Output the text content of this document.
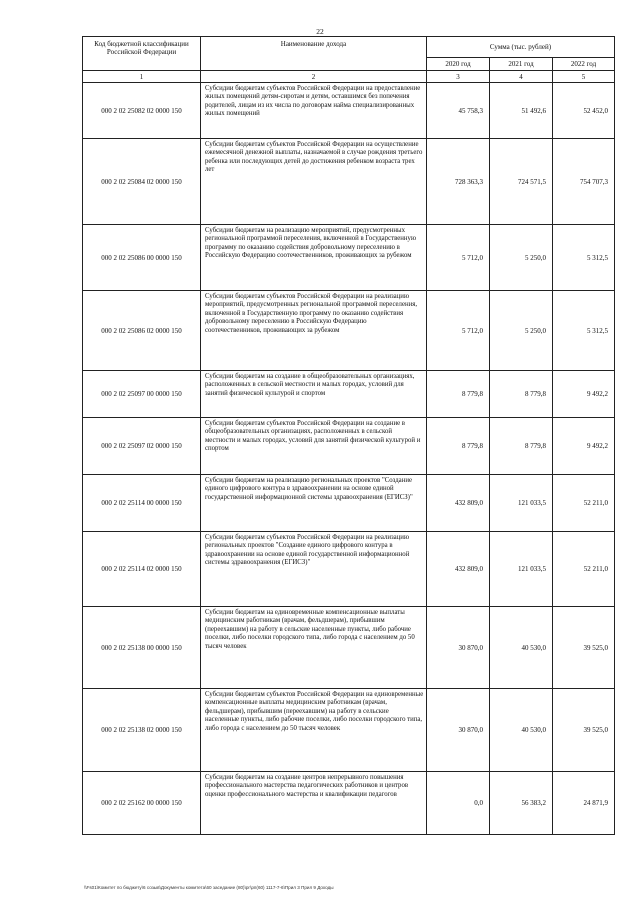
22
Код бюджетной классификации Российской Федерации	Наименование дохода	Сумма (тыс. рублей)		
		2020 год	2021 год	2022 год
1	2	3	4	5
000 2 02 25082 02 0000 150	Субсидии бюджетам субъектов Российской Федерации на предоставление жилых помещений детям-сиротам и детям, оставшимся без попечения родителей, лицам из их числа по договорам найма специализированных жилых помещений	45 758,3	51 492,6	52 452,0
000 2 02 25084 02 0000 150	Субсидии бюджетам субъектов Российской Федерации на осуществление ежемесячной денежной выплаты, назначаемой в случае рождения третьего ребенка или последующих детей до достижения ребенком возраста трех лет	728 363,3	724 571,5	754 707,3
000 2 02 25086 00 0000 150	Субсидии бюджетам на реализацию мероприятий, предусмотренных региональной программой переселения, включенной в Государственную программу по оказанию содействия добровольному переселению в Российскую Федерацию соотечественников, проживающих за рубежом	5 712,0	5 250,0	5 312,5
000 2 02 25086 02 0000 150	Субсидии бюджетам субъектов Российской Федерации на реализацию мероприятий, предусмотренных региональной программой переселения, включенной в Государственную программу по оказанию содействия добровольному переселению в Российскую Федерацию соотечественников, проживающих за рубежом	5 712,0	5 250,0	5 312,5
000 2 02 25097 00 0000 150	Субсидии бюджетам на создание в общеобразовательных организациях, расположенных в сельской местности и малых городах, условий для занятий физической культурой и спортом	8 779,8	8 779,8	9 492,2
000 2 02 25097 02 0000 150	Субсидии бюджетам субъектов Российской Федерации на создание в общеобразовательных организациях, расположенных в сельской местности и малых городах, условий для занятий физической культурой и спортом	8 779,8	8 779,8	9 492,2
000 2 02 25114 00 0000 150	Субсидии бюджетам на реализацию региональных проектов "Создание единого цифрового контура в здравоохранении на основе единой государственной информационной системы здравоохранения (ЕГИСЗ)"	432 809,0	121 033,5	52 211,0
000 2 02 25114 02 0000 150	Субсидии бюджетам субъектов Российской Федерации на реализацию региональных проектов "Создание единого цифрового контура в здравоохранении на основе единой государственной информационной системы здравоохранения (ЕГИСЗ)"	432 809,0	121 033,5	52 211,0
000 2 02 25138 00 0000 150	Субсидии бюджетам на единовременные компенсационные выплаты медицинским работникам (врачам, фельдшерам), прибывшим (переехавшим) на работу в сельские населенные пункты, либо рабочие поселки, либо поселки городского типа, либо города с населением до 50 тысяч человек	30 870,0	40 530,0	39 525,0
000 2 02 25138 02 0000 150	Субсидии бюджетам субъектов Российской Федерации на единовременные компенсационные выплаты медицинским работникам (врачам, фельдшерам), прибывшим (переехавшим) на работу в сельские населенные пункты, либо рабочие поселки, либо поселки городского типа, либо города с населением до 50 тысяч человек	30 870,0	40 530,0	39 525,0
000 2 02 25162 00 0000 150	Субсидии бюджетам на создание центров непрерывного повышения профессионального мастерства педагогических работников и центров оценки профессионального мастерства и квалификации педагогов	0,0	56 383,2	24 871,9
\\Fs01\Комитет по бюджету\6 созыв\Документы комитета\60 заседание (80)\рг\рп(60) 1117-7-6\Прил 3 Прил 9 Доходы
